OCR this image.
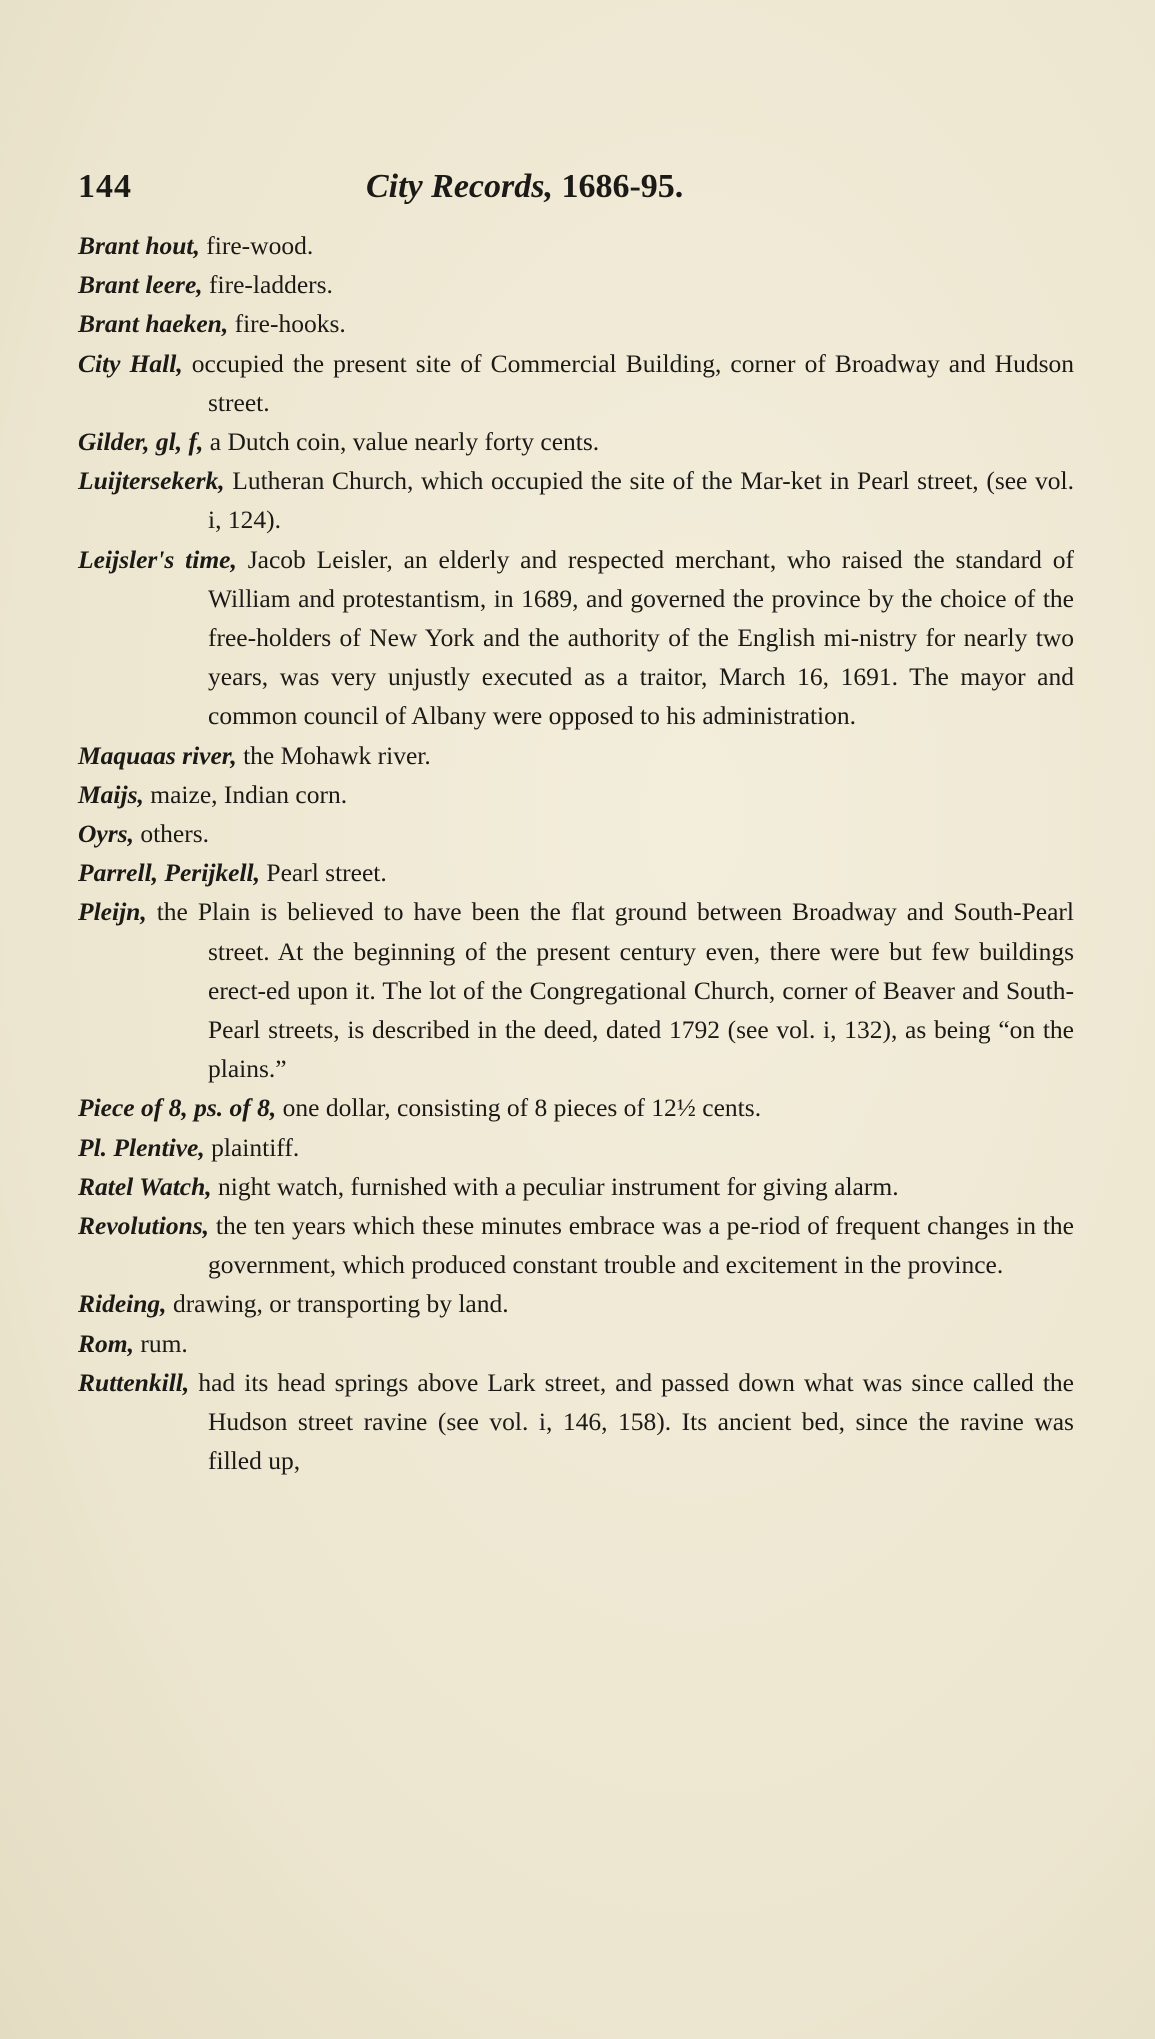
144	City Records, 1686-95.

Brant hout, fire-wood.

Brant leere, fire-ladders.

Brant haeken, fire-hooks.

City Hall, occupied the present site of Commercial Building, corner of Broadway and Hudson street.

Gilder, gl, f, a Dutch coin, value nearly forty cents.

Luijtersekerk, Lutheran Church, which occupied the site of the Mar-ket in Pearl street, (see vol. i, 124).

Leijsler's time, Jacob Leisler, an elderly and respected merchant, who raised the standard of William and protestantism, in 1689, and governed the province by the choice of the free-holders of New York and the authority of the English mi-nistry for nearly two years, was very unjustly executed as a traitor, March 16, 1691. The mayor and common council of Albany were opposed to his administration.

Maquaas river, the Mohawk river.

Maijs, maize, Indian corn.

Oyrs, others.

Parrell, Perijkell, Pearl street.

Pleijn, the Plain is believed to have been the flat ground between Broadway and South-Pearl street. At the beginning of the present century even, there were but few buildings erect-ed upon it. The lot of the Congregational Church, corner of Beaver and South-Pearl streets, is described in the deed, dated 1792 (see vol. i, 132), as being “on the plains.”

Piece of 8, ps. of 8, one dollar, consisting of 8 pieces of 12½ cents.

Pl. Plentive, plaintiff.

Ratel Watch, night watch, furnished with a peculiar instrument for giving alarm.

Revolutions, the ten years which these minutes embrace was a pe-riod of frequent changes in the government, which produced constant trouble and excitement in the province.

Rideing, drawing, or transporting by land.

Rom, rum.

Ruttenkill, had its head springs above Lark street, and passed down what was since called the Hudson street ravine (see vol. i, 146, 158). Its ancient bed, since the ravine was filled up,
